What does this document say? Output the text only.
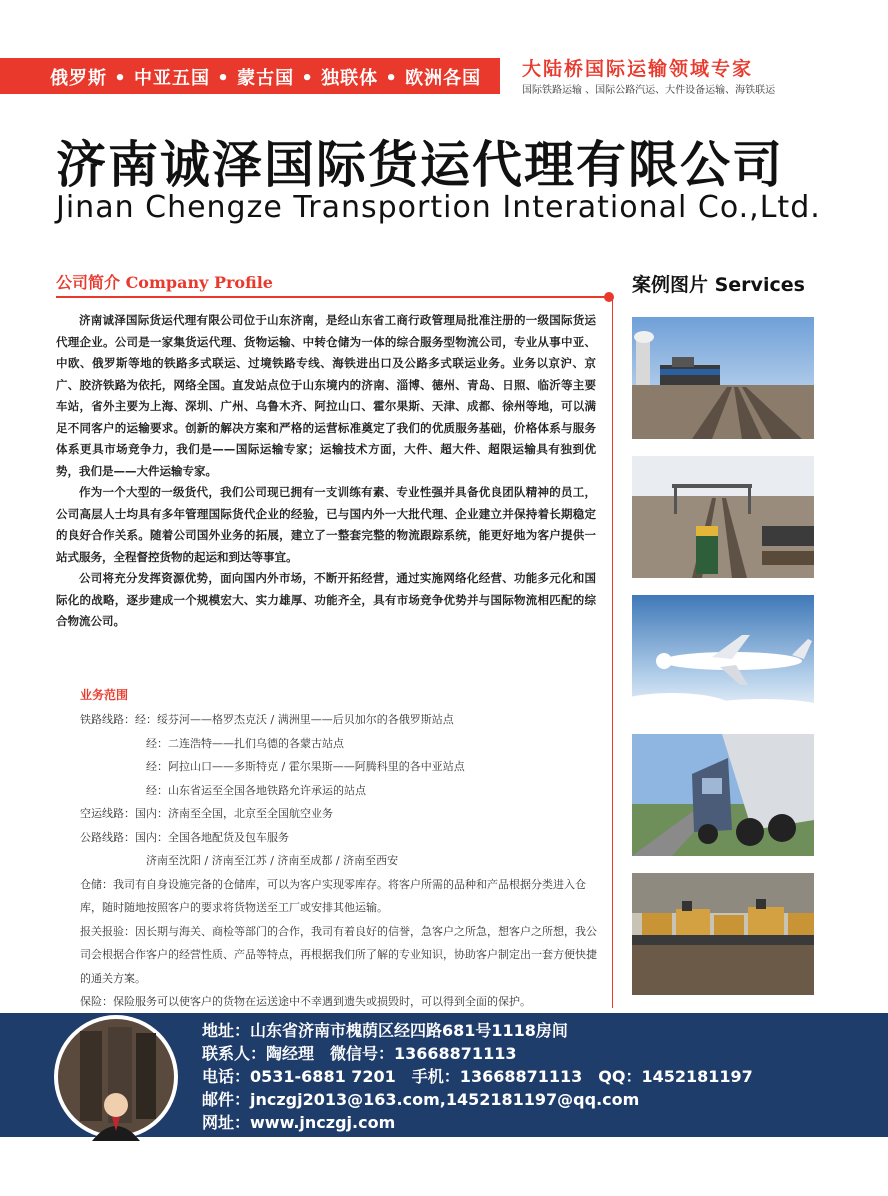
俄罗斯 • 中亚五国 • 蒙古国 • 独联体 • 欧洲各国 大陆桥国际运输领域专家
国际铁路运输 、国际公路汽运、大件设备运输、海铁联运
济南诚泽国际货运代理有限公司
Jinan Chengze Transportion Interational Co.,Ltd.
公司简介 Company Profile	案例图片 Services

济南诚泽国际货运代理有限公司位于山东济南，是经山东省工商行政管理局批准注册的一级国际货运代理企业。公司是一家集货运代理、货物运输、中转仓储为一体的综合服务型物流公司，专业从事中亚、中欧、俄罗斯等地的铁路多式联运、过境铁路专线、海铁进出口及公路多式联运业务。业务以京沪、京广、胶济铁路为依托，网络全国。直发站点位于山东境内的济南、淄博、德州、青岛、日照、临沂等主要车站，省外主要为上海、深圳、广州、乌鲁木齐、阿拉山口、霍尔果斯、天津、成都、徐州等地，可以满足不同客户的运输要求。创新的解决方案和严格的运营标准奠定了我们的优质服务基础，价格体系与服务体系更具市场竞争力，我们是——国际运输专家；运输技术方面，大件、超大件、超限运输具有独到优势，我们是——大件运输专家。

作为一个大型的一级货代，我们公司现已拥有一支训练有素、专业性强并具备优良团队精神的员工，公司高层人士均具有多年管理国际货代企业的经验，已与国内外一大批代理、企业建立并保持着长期稳定的良好合作关系。随着公司国外业务的拓展，建立了一整套完整的物流跟踪系统，能更好地为客户提供一站式服务，全程督控货物的起运和到达等事宜。

公司将充分发挥资源优势，面向国内外市场，不断开拓经营，通过实施网络化经营、功能多元化和国际化的战略，逐步建成一个规模宏大、实力雄厚、功能齐全，具有市场竞争优势并与国际物流相匹配的综合物流公司。

业务范围
铁路线路：经：绥芬河——格罗杰克沃 / 满洲里——后贝加尔的各俄罗斯站点
经：二连浩特——扎们乌德的各蒙古站点
经：阿拉山口——多斯特克 / 霍尔果斯——阿腾科里的各中亚站点
经：山东省运至全国各地铁路允许承运的站点
空运线路：国内：济南至全国，北京至全国航空业务
公路线路：国内：全国各地配货及包车服务
济南至沈阳 / 济南至江苏 / 济南至成都 / 济南至西安
仓储：我司有自身设施完备的仓储库，可以为客户实现零库存。将客户所需的品种和产品根据分类进入仓库，随时随地按照客户的要求将货物送至工厂或安排其他运输。
报关报验：因长期与海关、商检等部门的合作，我司有着良好的信誉，急客户之所急，想客户之所想，我公司会根据合作客户的经营性质、产品等特点，再根据我们所了解的专业知识，协助客户制定出一套方便快捷的通关方案。
保险：保险服务可以使客户的货物在运送途中不幸遇到遗失或损毁时，可以得到全面的保护。
地址：山东省济南市槐荫区经四路681号1118房间
联系人：陶经理　微信号：13668871113
电话：0531-6881 7201　手机：13668871113　QQ：1452181197
邮件：jnczgj2013@163.com,1452181197@qq.com
网址：www.jnczgj.com
